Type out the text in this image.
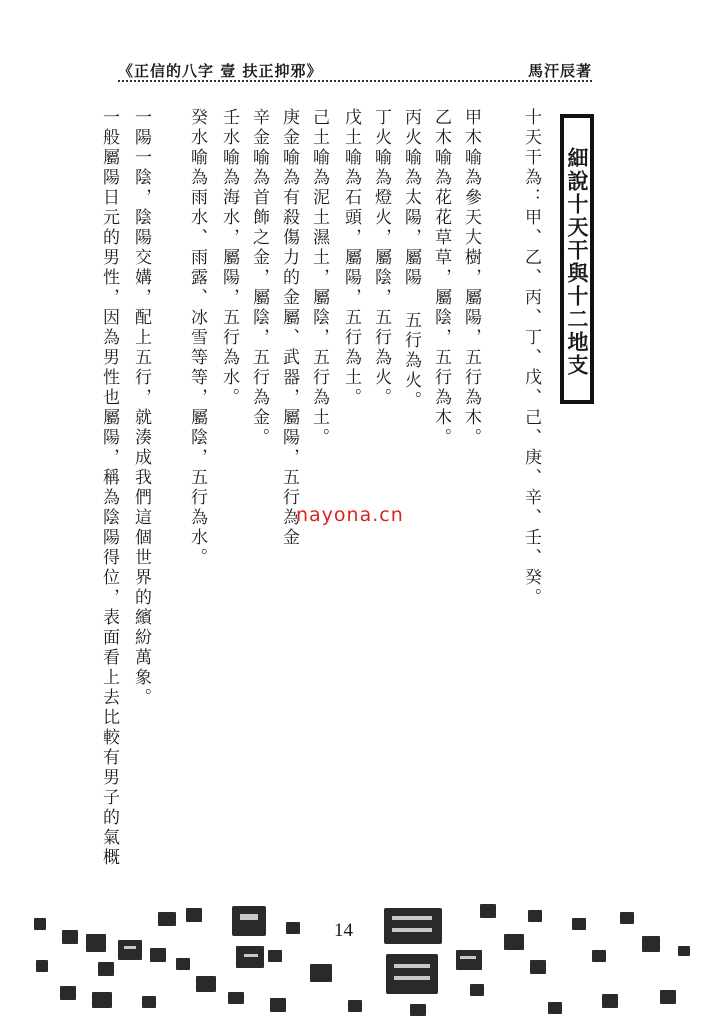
《正信的八字 壹 扶正抑邪》	馬汗辰著
細說十天干與十二地支
十天干為：甲、乙、丙、丁、戊、己、庚、辛、壬、癸。
甲木喻為參天大樹，屬陽，五行為木。
乙木喻為花花草草，屬陰，五行為木。
丙火喻為太陽，屬陽 五行為火。
丁火喻為燈火，屬陰，五行為火。
戊土喻為石頭，屬陽，五行為土。
己土喻為泥土濕土，屬陰，五行為土。
庚金喻為有殺傷力的金屬、武器，屬陽，五行為金
辛金喻為首飾之金，屬陰，五行為金。
壬水喻為海水，屬陽，五行為水。
癸水喻為雨水、雨露、冰雪等等，屬陰，五行為水。
一陽一陰，陰陽交媾，配上五行，就湊成我們這個世界的繽紛萬象。
一般屬陽日元的男性，因為男性也屬陽，稱為陰陽得位，表面看上去比較有男子的氣概	nayona.cn
14
